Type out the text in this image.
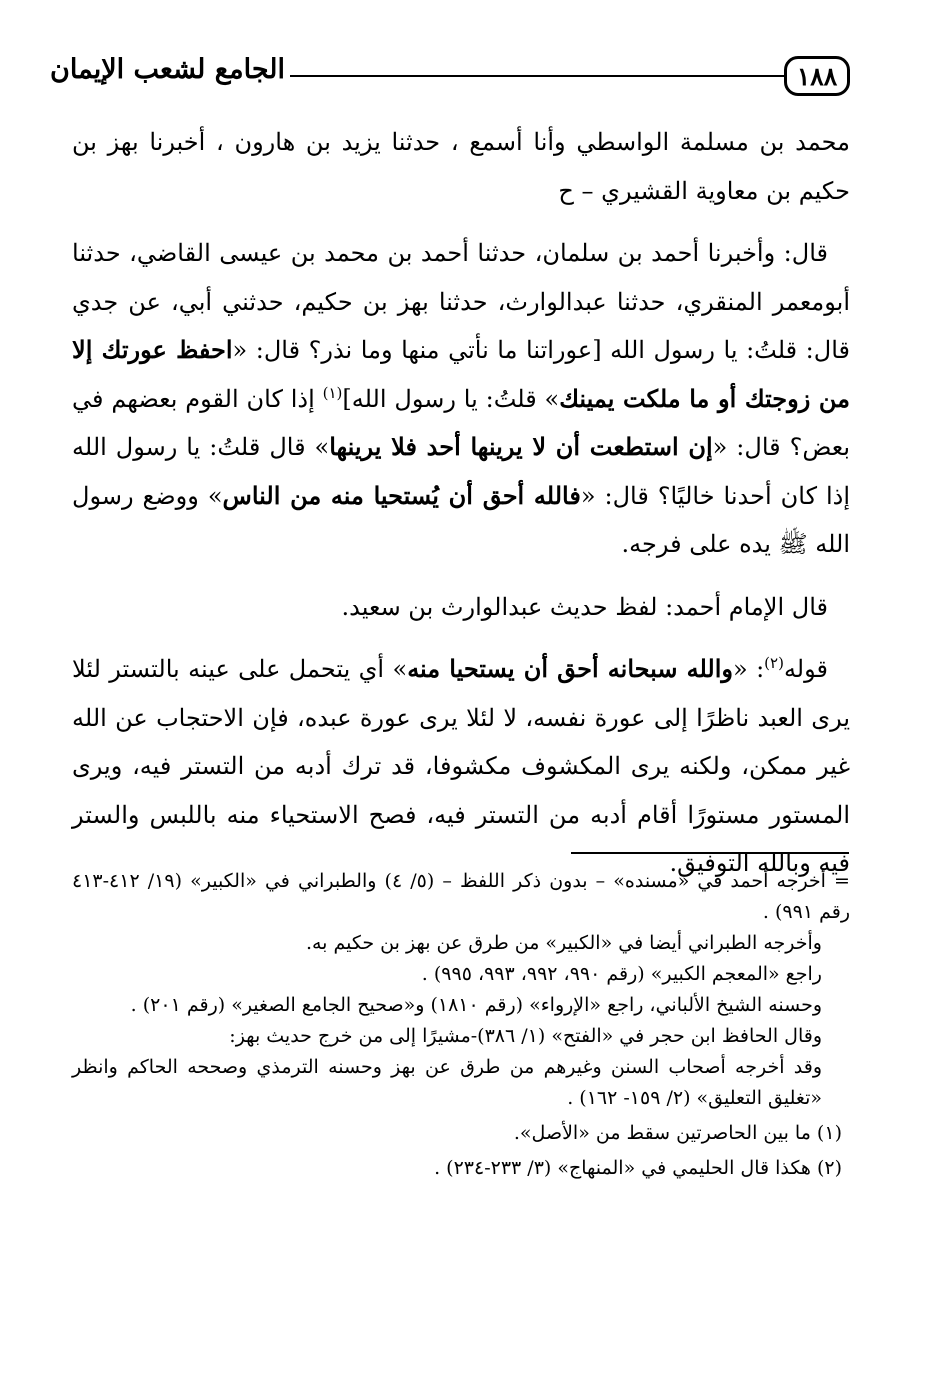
١٨٨
الجامع لشعب الإيمان

محمد بن مسلمة الواسطي وأنا أسمع ، حدثنا يزيد بن هارون ، أخبرنا بهز بن حكيم بن معاوية القشيري – ح

قال: وأخبرنا أحمد بن سلمان، حدثنا أحمد بن محمد بن عيسى القاضي، حدثنا أبومعمر المنقري، حدثنا عبدالوارث، حدثنا بهز بن حكيم، حدثني أبي، عن جدي قال: قلتُ: يا رسول الله [عوراتنا ما نأتي منها وما نذر؟ قال: «احفظ عورتك إلا من زوجتك أو ما ملكت يمينك» قلتُ: يا رسول الله]$^{(١)}$ إذا كان القوم بعضهم في بعض؟ قال: «إن استطعت أن لا يرينها أحد فلا يرينها» قال قلتُ: يا رسول الله إذا كان أحدنا خاليًا؟ قال: «فالله أحق أن يُستحيا منه من الناس» ووضع رسول الله ﷺ يده على فرجه.

قال الإمام أحمد: لفظ حديث عبدالوارث بن سعيد.

قوله$^{(٢)}$: «والله سبحانه أحق أن يستحيا منه» أي يتحمل على عينه بالتستر لئلا يرى العبد ناظرًا إلى عورة نفسه، لا لئلا يرى عورة عبده، فإن الاحتجاب عن الله غير ممكن، ولكنه يرى المكشوف مكشوفا، قد ترك أدبه من التستر فيه، ويرى المستور مستورًا أقام أدبه من التستر فيه، فصح الاستحياء منه باللبس والستر فيه وبالله التوفيق.

= أخرجه أحمد في «مسنده» – بدون ذكر اللفظ – (٥/ ٤) والطبراني في «الكبير» (١٩/ ٤١٢-٤١٣ رقم ٩٩١) .

وأخرجه الطبراني أيضا في «الكبير» من طرق عن بهز بن حكيم به.

راجع «المعجم الكبير» (رقم ٩٩٠، ٩٩٢، ٩٩٣، ٩٩٥) .

وحسنه الشيخ الألباني، راجع «الإرواء» (رقم ١٨١٠) و«صحيح الجامع الصغير» (رقم ٢٠١) .

وقال الحافظ ابن حجر في «الفتح» (١/ ٣٨٦)-مشيرًا إلى من خرج حديث بهز:

وقد أخرجه أصحاب السنن وغيرهم من طرق عن بهز وحسنه الترمذي وصححه الحاكم وانظر «تغليق التعليق» (٢/ ١٥٩- ١٦٢) .

(١) ما بين الحاصرتين سقط من «الأصل».

(٢) هكذا قال الحليمي في «المنهاج» (٣/ ٢٣٣-٢٣٤) .
